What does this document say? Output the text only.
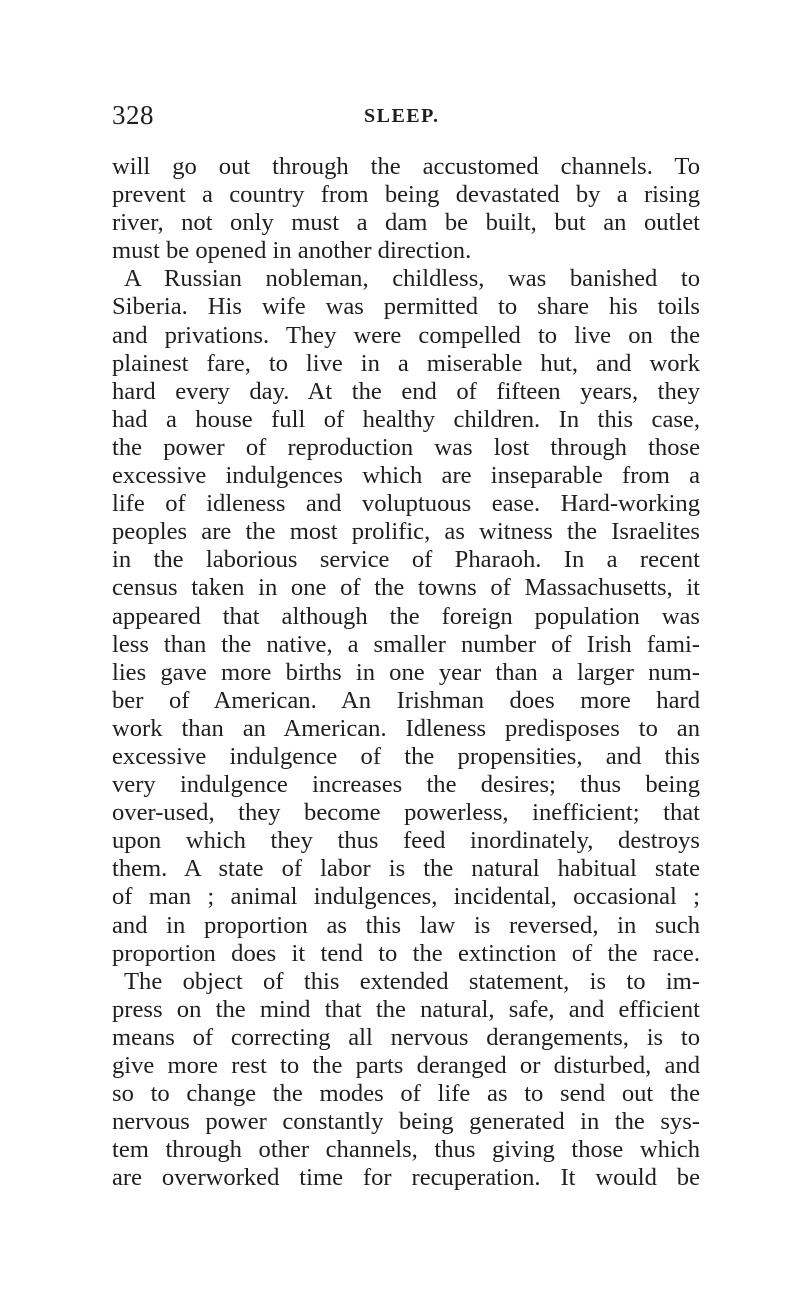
328	SLEEP.
will go out through the accustomed channels. To
prevent a country from being devastated by a rising
river, not only must a dam be built, but an outlet
must be opened in another direction.
A Russian nobleman, childless, was banished to
Siberia. His wife was permitted to share his toils
and privations. They were compelled to live on the
plainest fare, to live in a miserable hut, and work
hard every day. At the end of fifteen years, they
had a house full of healthy children. In this case,
the power of reproduction was lost through those
excessive indulgences which are inseparable from a
life of idleness and voluptuous ease. Hard-working
peoples are the most prolific, as witness the Israelites
in the laborious service of Pharaoh. In a recent
census taken in one of the towns of Massachusetts, it
appeared that although the foreign population was
less than the native, a smaller number of Irish fami-
lies gave more births in one year than a larger num-
ber of American. An Irishman does more hard
work than an American. Idleness predisposes to an
excessive indulgence of the propensities, and this
very indulgence increases the desires; thus being
over-used, they become powerless, inefficient; that
upon which they thus feed inordinately, destroys
them. A state of labor is the natural habitual state
of man ; animal indulgences, incidental, occasional ;
and in proportion as this law is reversed, in such
proportion does it tend to the extinction of the race.
The object of this extended statement, is to im-
press on the mind that the natural, safe, and efficient
means of correcting all nervous derangements, is to
give more rest to the parts deranged or disturbed, and
so to change the modes of life as to send out the
nervous power constantly being generated in the sys-
tem through other channels, thus giving those which
are overworked time for recuperation. It would be
